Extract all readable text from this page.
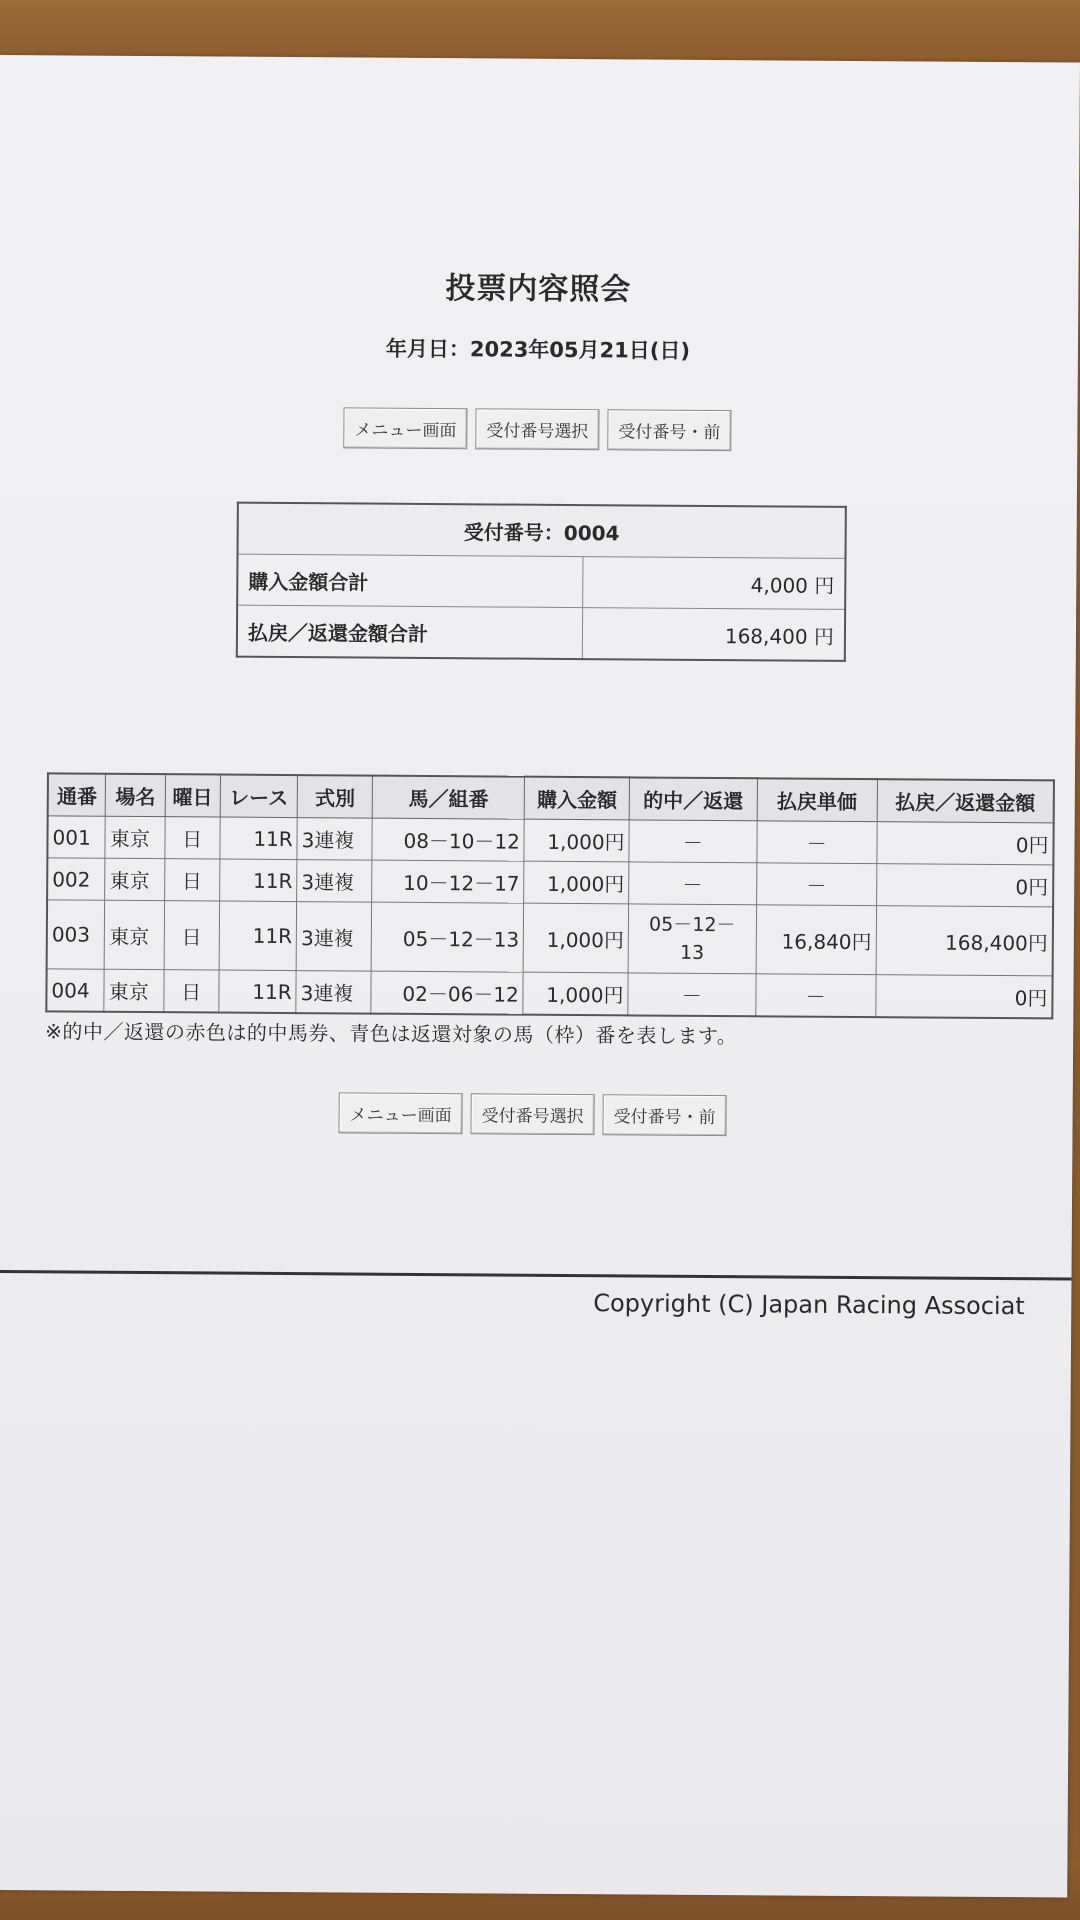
投票内容照会
年月日：2023年05月21日(日)
メニュー画面	受付番号選択	受付番号・前
受付番号：0004	
購入金額合計	4,000 円
払戻／返還金額合計	168,400 円
通番	場名	曜日	レース	式別	馬／組番	購入金額	的中／返還	払戻単価	払戻／返還金額
001	東京	日	11R	3連複	08－10－12	1,000円	－	－	0円
002	東京	日	11R	3連複	10－12－17	1,000円	－	－	0円
003	東京	日	11R	3連複	05－12－13	1,000円	05－12－
13	16,840円	168,400円
004	東京	日	11R	3連複	02－06－12	1,000円	－	－	0円
※的中／返還の赤色は的中馬券、青色は返還対象の馬（枠）番を表します。
メニュー画面	受付番号選択	受付番号・前
Copyright (C) Japan Racing Associat
